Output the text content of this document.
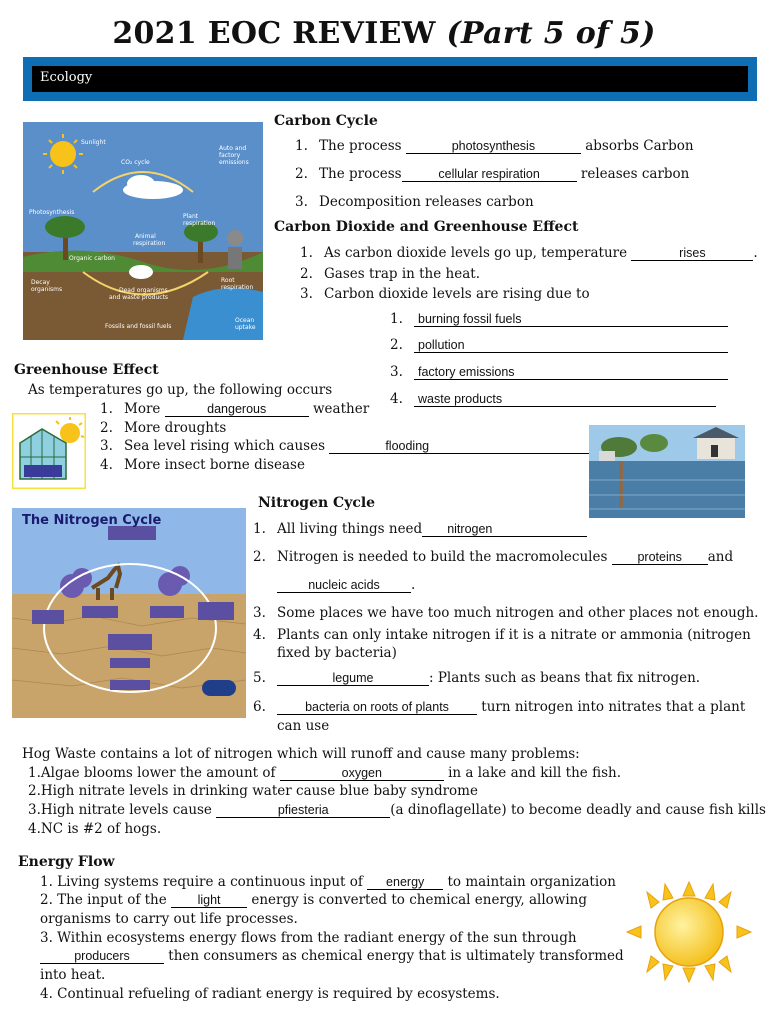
2021 EOC REVIEW (Part 5 of 5)
Ecology
Sunlight
CO₂ cycle
Auto and
factory
emissions
Photosynthesis
Plant
respiration
Animal
respiration
Organic carbon
Decay
organisms	Dead organisms
and waste products
Root
respiration
Fossils and fossil fuels
Ocean
uptake
Carbon Cycle
1. The process	photosynthesis	absorbs Carbon
2. The process	cellular respiration	releases carbon
3. Decomposition releases carbon
Carbon Dioxide and Greenhouse Effect
1. As carbon dioxide levels go up, temperature	rises	.
2. Gases trap in the heat.
3. Carbon dioxide levels are rising due to
1. burning fossil fuels
2. pollution
3. factory emissions
4. waste products
Greenhouse Effect
As temperatures go up, the following occurs
1. More	dangerous	weather
2. More droughts
3. Sea level rising which causes	flooding
4. More insect borne disease
Nitrogen Cycle
The Nitrogen Cycle
1. All living things need nitrogen
2. Nitrogen is needed to build the macromolecules proteins and
nucleic acids .
3. Some places we have too much nitrogen and other places not enough.
4. Plants can only intake nitrogen if it is a nitrate or ammonia (nitrogen
fixed by bacteria)
5.	legume	: Plants such as beans that fix nitrogen.
6.	bacteria on roots of plants turn nitrogen into nitrates that a plant
can use
Hog Waste contains a lot of nitrogen which will runoff and cause many problems:
1.Algae blooms lower the amount of	oxygen	in a lake and kill the fish.
2.High nitrate levels in drinking water cause blue baby syndrome
3.High nitrate levels cause	pfiesteria	(a dinoflagellate) to become deadly and cause fish kills
4.NC is #2 of hogs.
Energy Flow
1. Living systems require a continuous input of energy to maintain organization
2. The input of the light energy is converted to chemical energy, allowing
organisms to carry out life processes.
3. Within ecosystems energy flows from the radiant energy of the sun through
producers	then consumers as chemical energy that is ultimately transformed
into heat.
4. Continual refueling of radiant energy is required by ecosystems.
